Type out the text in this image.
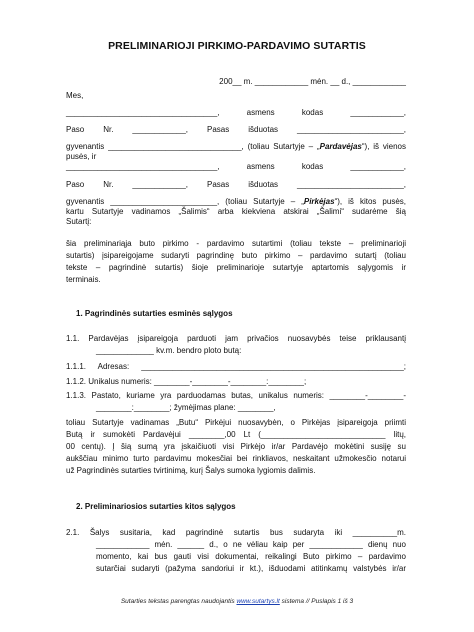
PRELIMINARIOJI PIRKIMO-PARDAVIMO SUTARTIS

200__ m. ____________ mėn. __ d., ____________

Mes,

__________________________________, asmens kodas ____________,

Paso Nr. ____________, Pasas išduotas ________________________,

gyvenantis ______________________________, (toliau Sutartyje – „Pardavėjas“), iš vienos

pusės, ir

__________________________________, asmens kodas ____________,

Paso Nr. ____________, Pasas išduotas ________________________,

gyvenantis ________________________, (toliau Sutartyje – „Pirkėjas“), iš kitos pusės,

kartu Sutartyje vadinamos „Šalimis“ arba kiekviena atskirai „Šalimi“ sudarėme šią

Sutartį:

šia preliminariąja buto pirkimo - pardavimo sutartimi (toliau tekste – preliminarioji

sutartis) įsipareigojame sudaryti pagrindinę buto pirkimo – pardavimo sutartį (toliau

tekste – pagrindinė sutartis) šioje preliminarioje sutartyje aptartomis sąlygomis ir

terminais.

1. Pagrindinės sutarties esminės sąlygos

1.1. Pardavėjas įsipareigoja parduoti jam privačios nuosavybės teise priklausantį

_____________ kv.m. bendro ploto butą:

1.1.1. Adresas: ___________________________________________________________;

1.1.2. Unikalus numeris: ________-________-________:________;

1.1.3. Pastato, kuriame yra parduodamas butas, unikalus numeris: ________-________-

________:________; žymėjimas plane: ________,

toliau Sutartyje vadinamas „Butu“ Pirkėjui nuosavybėn, o Pirkėjas įsipareigoja priimti

Butą ir sumokėti Pardavėjui ________,00 Lt (____________________________ litų,

00 centų). Į šią sumą yra įskaičiuoti visi Pirkėjo ir/ar Pardavėjo mokėtini susiję su

aukščiau minimo turto pardavimu mokesčiai bei rinkliavos, neskaitant užmokesčio notarui

už Pagrindinės sutarties tvirtinimą, kurį Šalys sumoka lygiomis dalimis.

2. Preliminariosios sutarties kitos sąlygos

2.1. Šalys susitaria, kad pagrindinė sutartis bus sudaryta iki __________m.

____________ mėn. ______ d., o ne vėliau kaip per ____________ dienų nuo

momento, kai bus gauti visi dokumentai, reikalingi Buto pirkimo – pardavimo

sutarčiai sudaryti (pažyma sandoriui ir kt.), išduodami atitinkamų valstybės ir/ar

Sutarties tekstas parengtas naudojantis www.sutartys.lt sistema // Puslapis 1 iš 3
